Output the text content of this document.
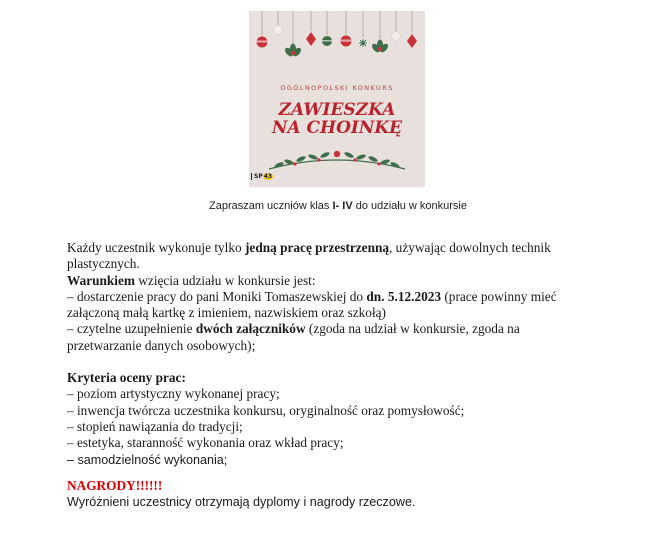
OGÓLNOPOLSKI KONKURS
ZAWIESZKA
NA CHOINKĘ
SP43
Zapraszam uczniów klas I- IV do udziału w konkursie

Każdy uczestnik wykonuje tylko jedną pracę przestrzenną, używając dowolnych technik plastycznych.

Warunkiem wzięcia udziału w konkursie jest:

– dostarczenie pracy do pani Moniki Tomaszewskiej do dn. 5.12.2023 (prace powinny mieć załączoną małą kartkę z imieniem, nazwiskiem oraz szkołą)

– czytelne uzupełnienie dwóch załączników (zgoda na udział w konkursie, zgoda na przetwarzanie danych osobowych);

Kryteria oceny prac:

– poziom artystyczny wykonanej pracy;

– inwencja twórcza uczestnika konkursu, oryginalność oraz pomysłowość;

– stopień nawiązania do tradycji;

– estetyka, staranność wykonania oraz wkład pracy;

– samodzielność wykonania;

NAGRODY!!!!!!

Wyróżnieni uczestnicy otrzymają dyplomy i nagrody rzeczowe.
